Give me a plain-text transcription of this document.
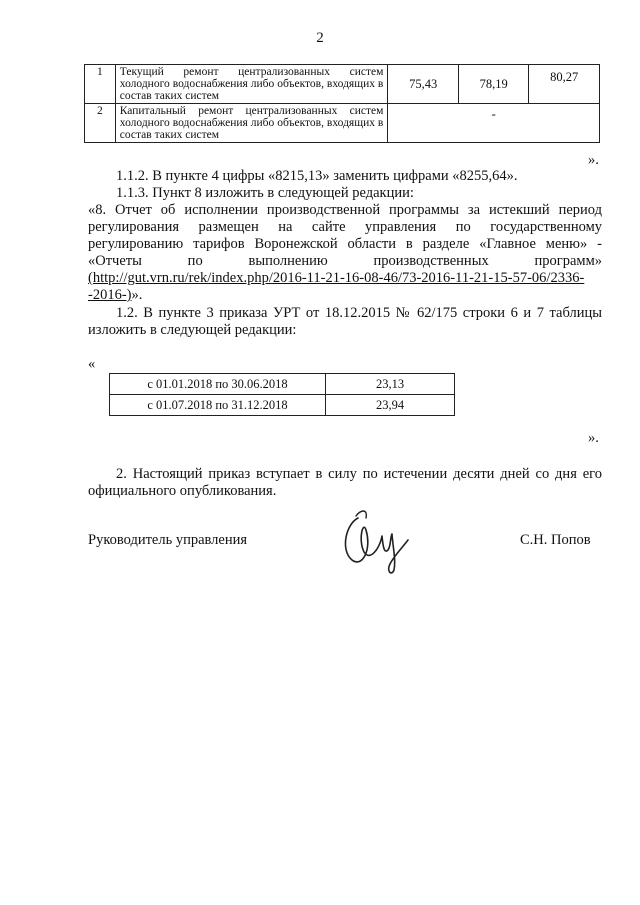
2
1	Текущий ремонт централизованных систем холодного водоснабжения либо объектов, входящих в состав таких систем	75,43	78,19	80,27
2	Капитальный ремонт централизованных систем холодного водоснабжения либо объектов, входящих в состав таких систем	-		
».
1.1.2. В пункте 4 цифры «8215,13» заменить цифрами «8255,64».
1.1.3. Пункт 8 изложить в следующей редакции:
«8. Отчет об исполнении производственной программы за истекший период регулирования размещен на сайте управления по государственному регулированию тарифов Воронежской области в разделе «Главное меню» - «Отчеты по выполнению производственных программ» (http://gut.vrn.ru/rek/index.php/2016-11-21-16-08-46/73-2016-11-21-15-57-06/2336--2016-)».
1.2. В пункте 3 приказа УРТ от 18.12.2015 № 62/175 строки 6 и 7 таблицы изложить в следующей редакции:
«
с 01.01.2018 по 30.06.2018	23,13
с 01.07.2018 по 31.12.2018	23,94
».
2. Настоящий приказ вступает в силу по истечении десяти дней со дня его официального опубликования.
Руководитель управления	С.Н. Попов
